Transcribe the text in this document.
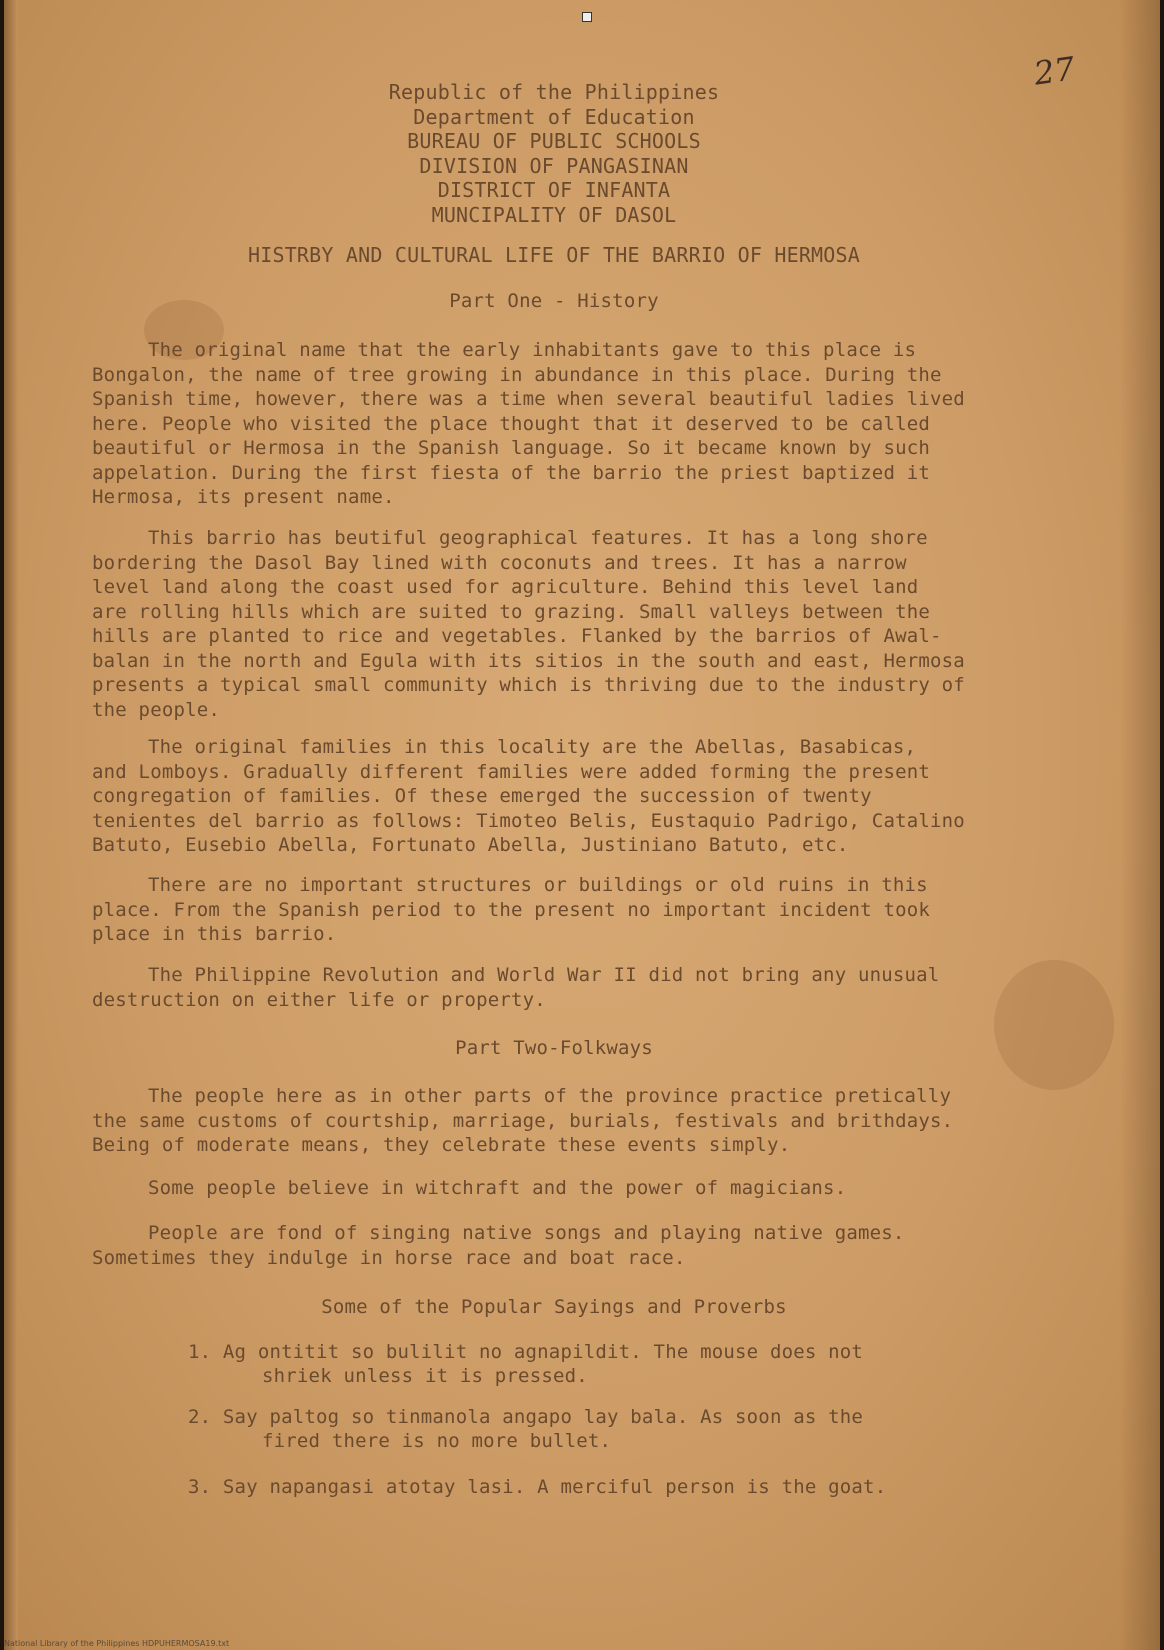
27
Republic of the Philippines
Department of Education
BUREAU OF PUBLIC SCHOOLS
DIVISION OF PANGASINAN
DISTRICT OF INFANTA
MUNCIPALITY OF DASOL
HISTRBY AND CULTURAL LIFE OF THE BARRIO OF HERMOSA
Part One - History
The original name that the early inhabitants gave to this place is
Bongalon, the name of tree growing in abundance in this place. During the
Spanish time, however, there was a time when several beautiful ladies lived
here. People who visited the place thought that it deserved to be called
beautiful or Hermosa in the Spanish language. So it became known by such
appelation. During the first fiesta of the barrio the priest baptized it
Hermosa, its present name.
This barrio has beutiful geographical features. It has a long shore
bordering the Dasol Bay lined with coconuts and trees. It has a narrow
level land along the coast used for agriculture. Behind this level land
are rolling hills which are suited to grazing. Small valleys between the
hills are planted to rice and vegetables. Flanked by the barrios of Awal-
balan in the north and Egula with its sitios in the south and east, Hermosa
presents a typical small community which is thriving due to the industry of
the people.
The original families in this locality are the Abellas, Basabicas,
and Lomboys. Gradually different families were added forming the present
congregation of families. Of these emerged the succession of twenty
tenientes del barrio as follows: Timoteo Belis, Eustaquio Padrigo, Catalino
Batuto, Eusebio Abella, Fortunato Abella, Justiniano Batuto, etc.
There are no important structures or buildings or old ruins in this
place. From the Spanish period to the present no important incident took
place in this barrio.
The Philippine Revolution and World War II did not bring any unusual
destruction on either life or property.
Part Two-Folkways
The people here as in other parts of the province practice pretically
the same customs of courtship, marriage, burials, festivals and brithdays.
Being of moderate means, they celebrate these events simply.
Some people believe in witchraft and the power of magicians.
People are fond of singing native songs and playing native games.
Sometimes they indulge in horse race and boat race.
Some of the Popular Sayings and Proverbs
1. Ag ontitit so bulilit no agnapildit. The mouse does not
shriek unless it is pressed.
2. Say paltog so tinmanola angapo lay bala. As soon as the
fired there is no more bullet.
3. Say napangasi atotay lasi. A merciful person is the goat.
National Library of the Philippines HDPUHERMOSA19.txt
